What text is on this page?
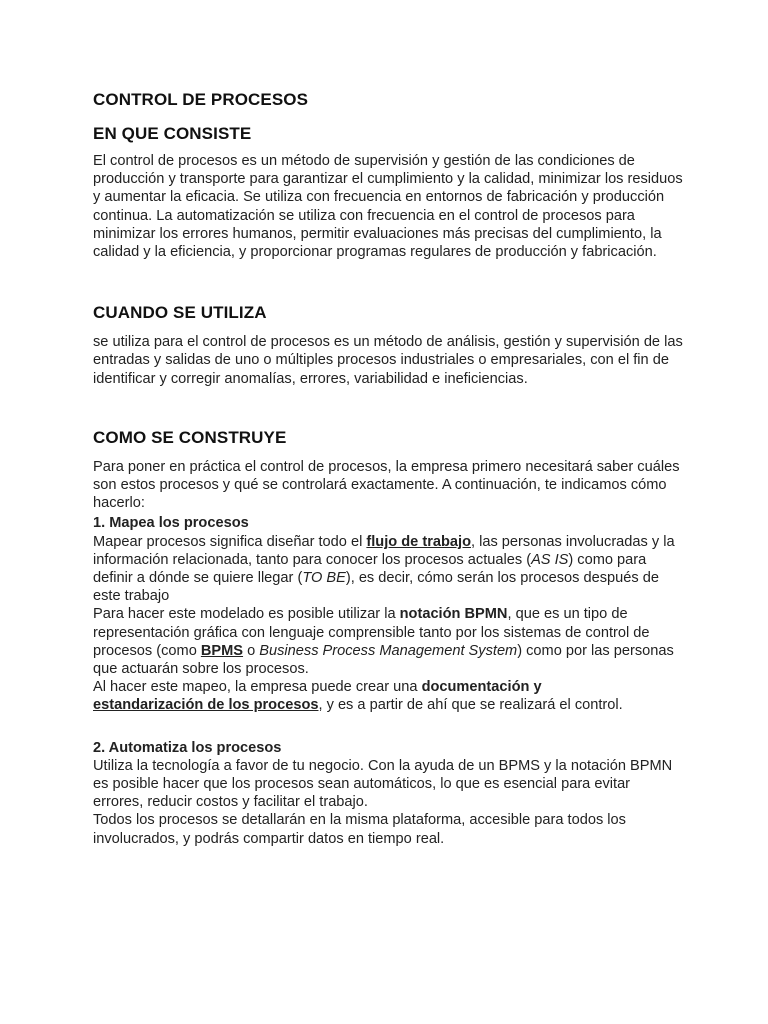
CONTROL DE PROCESOS
EN QUE CONSISTE

El control de procesos es un método de supervisión y gestión de las condiciones de producción y transporte para garantizar el cumplimiento y la calidad, minimizar los residuos y aumentar la eficacia. Se utiliza con frecuencia en entornos de fabricación y producción continua. La automatización se utiliza con frecuencia en el control de procesos para minimizar los errores humanos, permitir evaluaciones más precisas del cumplimiento, la calidad y la eficiencia, y proporcionar programas regulares de producción y fabricación.

CUANDO SE UTILIZA

se utiliza para el control de procesos es un método de análisis, gestión y supervisión de las entradas y salidas de uno o múltiples procesos industriales o empresariales, con el fin de identificar y corregir anomalías, errores, variabilidad e ineficiencias.

COMO SE CONSTRUYE

Para poner en práctica el control de procesos, la empresa primero necesitará saber cuáles son estos procesos y qué se controlará exactamente. A continuación, te indicamos cómo hacerlo:

1. Mapea los procesos

Mapear procesos significa diseñar todo el flujo de trabajo, las personas involucradas y la información relacionada, tanto para conocer los procesos actuales (AS IS) como para definir a dónde se quiere llegar (TO BE), es decir, cómo serán los procesos después de este trabajo

Para hacer este modelado es posible utilizar la notación BPMN, que es un tipo de representación gráfica con lenguaje comprensible tanto por los sistemas de control de procesos (como BPMS o Business Process Management System) como por las personas que actuarán sobre los procesos.

Al hacer este mapeo, la empresa puede crear una documentación y
estandarización de los procesos, y es a partir de ahí que se realizará el control.

2. Automatiza los procesos

Utiliza la tecnología a favor de tu negocio. Con la ayuda de un BPMS y la notación BPMN es posible hacer que los procesos sean automáticos, lo que es esencial para evitar errores, reducir costos y facilitar el trabajo.

Todos los procesos se detallarán en la misma plataforma, accesible para todos los involucrados, y podrás compartir datos en tiempo real.
